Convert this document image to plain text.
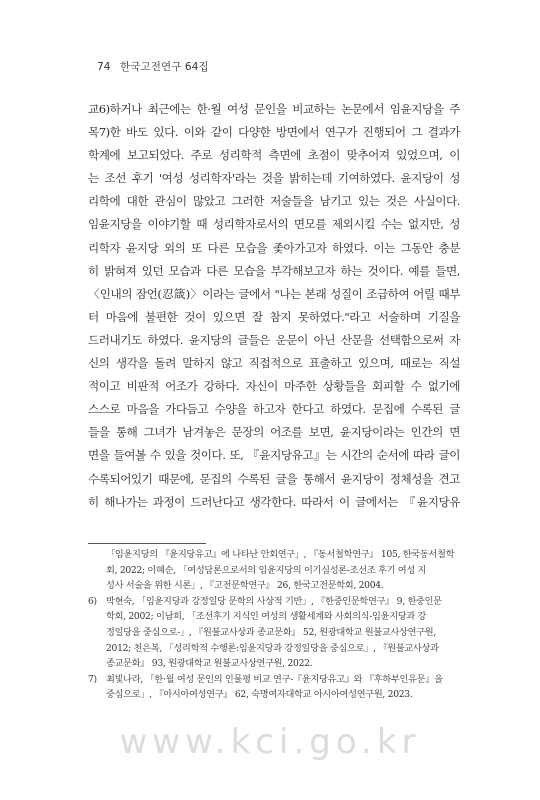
74 한국고전연구 64집
교6)하거나 최근에는 한·월 여성 문인을 비교하는 논문에서 임윤지당을 주
목7)한 바도 있다. 이와 같이 다양한 방면에서 연구가 진행되어 그 결과가
학계에 보고되었다. 주로 성리학적 측면에 초점이 맞추어져 있었으며, 이
는 조선 후기 '여성 성리학자'라는 것을 밝히는데 기여하였다. 윤지당이 성
리학에 대한 관심이 많았고 그러한 저술들을 남기고 있는 것은 사실이다.
임윤지당을 이야기할 때 성리학자로서의 면모를 제외시킬 수는 없지만, 성
리학자 윤지당 외의 또 다른 모습을 좇아가고자 하였다. 이는 그동안 충분
히 밝혀져 있던 모습과 다른 모습을 부각해보고자 하는 것이다. 예를 들면,
〈인내의 잠언(忍箴)〉이라는 글에서 "나는 본래 성질이 조급하여 어릴 때부
터 마음에 불편한 것이 있으면 잘 참지 못하였다."라고 서술하며 기질을
드러내기도 하였다. 윤지당의 글들은 운문이 아닌 산문을 선택함으로써 자
신의 생각을 돌려 말하지 않고 직접적으로 표출하고 있으며, 때로는 직설
적이고 비판적 어조가 강하다. 자신이 마주한 상황들을 회피할 수 없기에
스스로 마음을 가다듬고 수양을 하고자 한다고 하였다. 문집에 수록된 글
들을 통해 그녀가 남겨놓은 문장의 어조를 보면, 윤지당이라는 인간의 면
면을 들여볼 수 있을 것이다. 또, 『윤지당유고』는 시간의 순서에 따라 글이
수록되어있기 때문에, 문집의 수록된 글을 통해서 윤지당이 정체성을 견고
히 해나가는 과정이 드러난다고 생각한다. 따라서 이 글에서는 『윤지당유
「임윤지당의 『윤지당유고』에 나타난 안회연구」, 『동서철학연구』 105, 한국동서철학
회, 2022; 이혜순, 「여성담론으로서의 임윤지당의 이기심성론-조선조 후기 여성 지
성사 서술을 위한 시론」, 『고전문학연구』 26, 한국고전문학회, 2004.
6) 박현숙, 「임윤지당과 강정일당 문학의 사상적 기반」, 『한중인문학연구』 9, 한중인문
학회, 2002; 이남희, 「조선후기 지식인 여성의 생활세계와 사회의식-임윤지당과 강
정일당을 중심으로-」, 『원불교사상과 종교문화』 52, 원광대학교 원불교사상연구원,
2012; 천은복, 「성리학적 수행론:임윤지당과 강정일당을 중심으로」, 『원불교사상과
종교문화』 93, 원광대학교 원불교사상연구원, 2022.
7) 최빛나라, 「한·월 여성 문인의 인물평 비교 연구-『윤지당유고』와 『후하부인유문』을
중심으로」, 『아시아여성연구』 62, 숙명여자대학교 아시아여성연구원, 2023.
www.kci.go.kr
